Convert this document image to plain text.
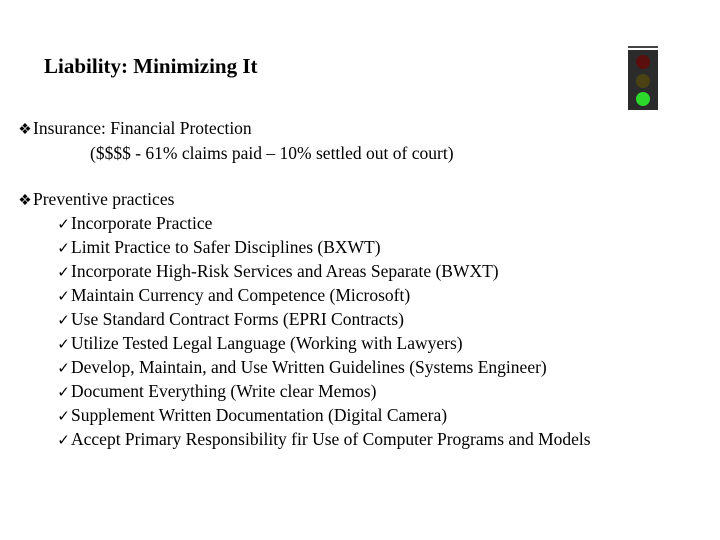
Liability: Minimizing It
❖Insurance: Financial Protection
($$$$ - 61% claims paid – 10% settled out of court)
❖Preventive practices
✓Incorporate Practice
✓Limit Practice to Safer Disciplines (BXWT)
✓Incorporate High-Risk Services and Areas Separate (BWXT)
✓Maintain Currency and Competence (Microsoft)
✓Use Standard Contract Forms (EPRI Contracts)
✓Utilize Tested Legal Language (Working with Lawyers)
✓Develop, Maintain, and Use Written Guidelines (Systems Engineer)
✓Document Everything (Write clear Memos)
✓Supplement Written Documentation (Digital Camera)
✓Accept Primary Responsibility fir Use of Computer Programs and Models
